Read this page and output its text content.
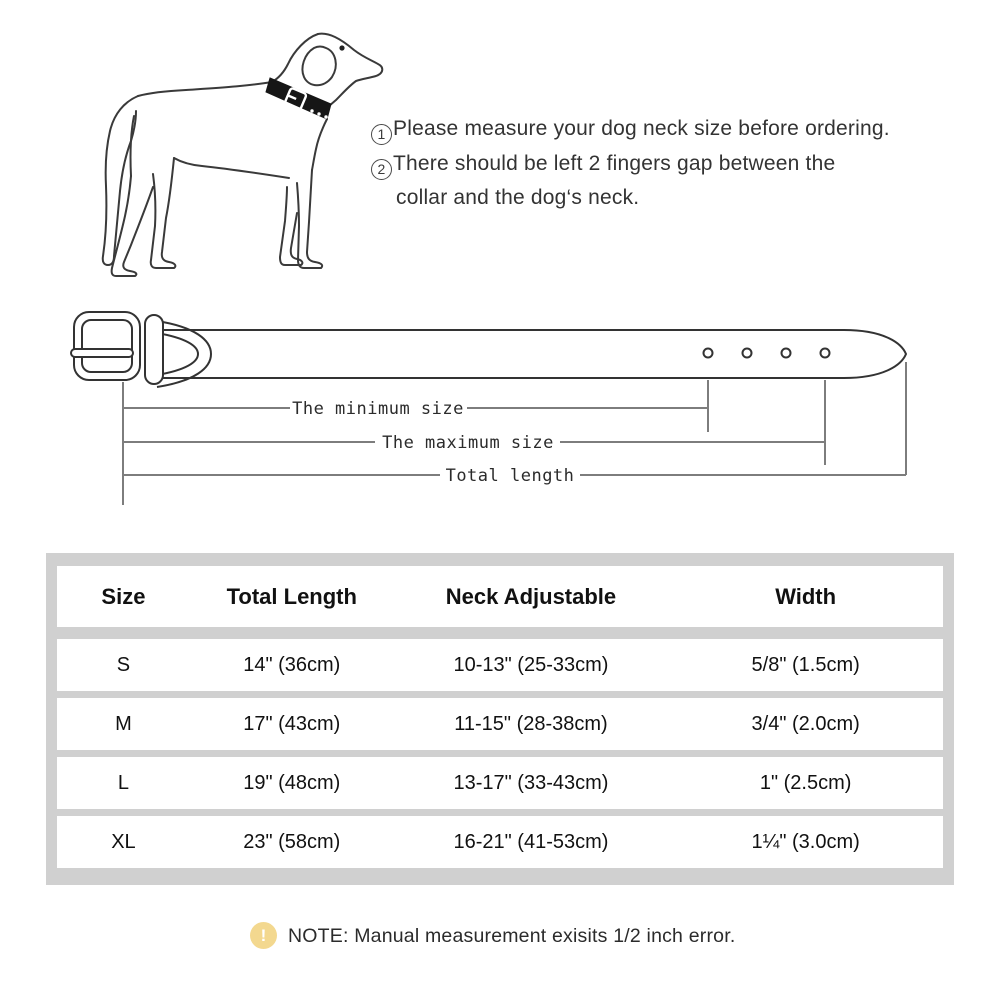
1 Please measure your dog neck size before ordering.
2 There should be left 2 fingers gap between the
collar and the dog‘s neck.
The minimum size
The maximum size
Total length
Size	Total Length	Neck Adjustable	Width
S	14" (36cm)	10-13" (25-33cm)	5/8" (1.5cm)
M	17" (43cm)	11-15" (28-38cm)	3/4" (2.0cm)
L	19" (48cm)	13-17" (33-43cm)	1" (2.5cm)
XL	23" (58cm)	16-21" (41-53cm)	1¼" (3.0cm)
!	NOTE: Manual measurement exisits 1/2 inch error.
